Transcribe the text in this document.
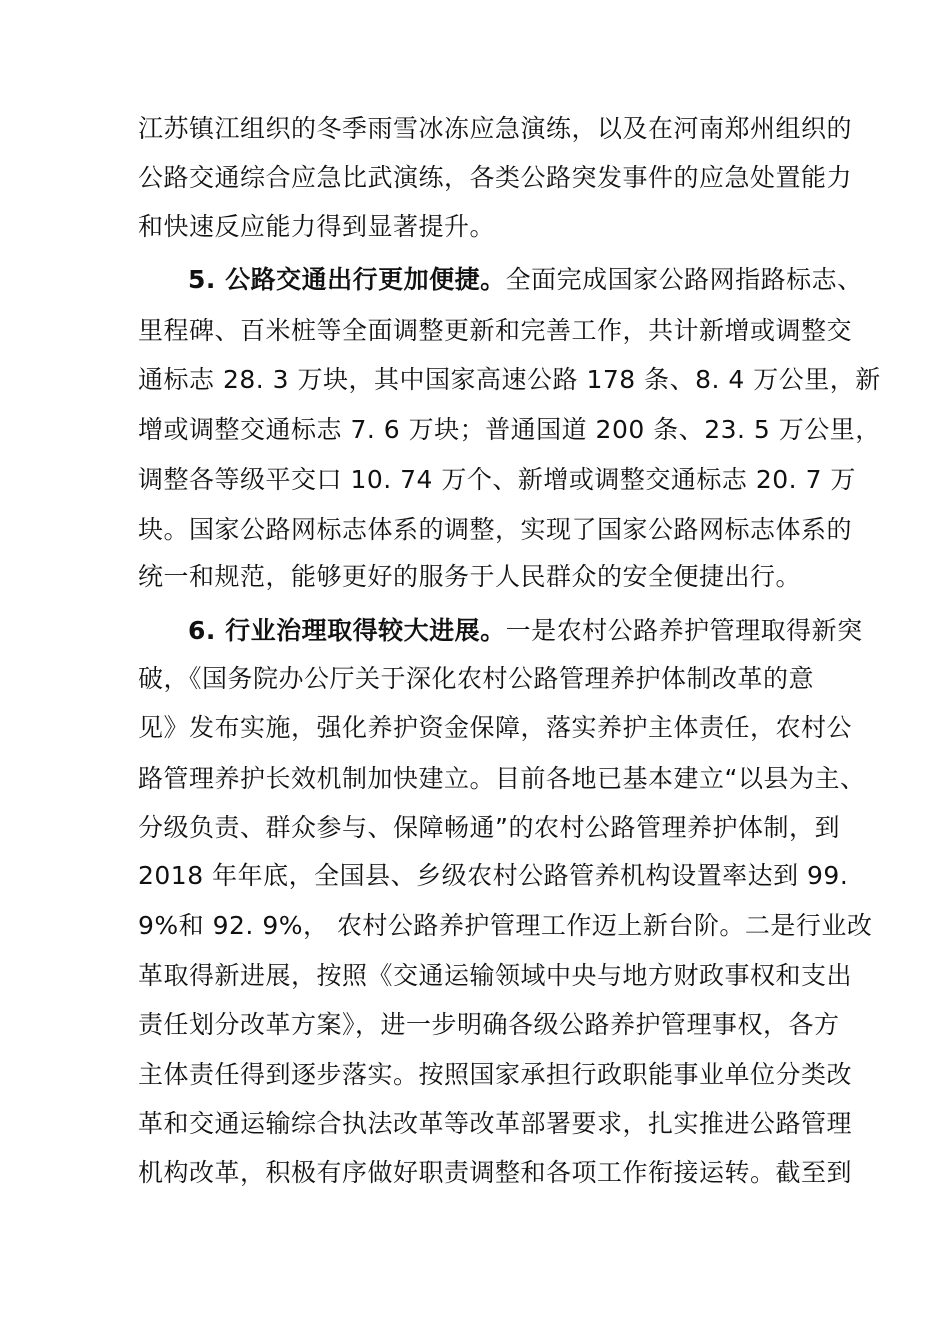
江苏镇江组织的冬季雨雪冰冻应急演练，以及在河南郑州组织的
公路交通综合应急比武演练，各类公路突发事件的应急处置能力
和快速反应能力得到显著提升。
5. 公路交通出行更加便捷。全面完成国家公路网指路标志、
里程碑、百米桩等全面调整更新和完善工作，共计新增或调整交
通标志 28. 3 万块，其中国家高速公路 178 条、8. 4 万公里，新
增或调整交通标志 7. 6 万块；普通国道 200 条、23. 5 万公里，
调整各等级平交口 10. 74 万个、新增或调整交通标志 20. 7 万
块。国家公路网标志体系的调整，实现了国家公路网标志体系的
统一和规范，能够更好的服务于人民群众的安全便捷出行。
6. 行业治理取得较大进展。一是农村公路养护管理取得新突
破，《国务院办公厅关于深化农村公路管理养护体制改革的意
见》发布实施，强化养护资金保障，落实养护主体责任，农村公
路管理养护长效机制加快建立。目前各地已基本建立“以县为主、
分级负责、群众参与、保障畅通”的农村公路管理养护体制，到
2018 年年底，全国县、乡级农村公路管养机构设置率达到 99.
9%和 92. 9%， 农村公路养护管理工作迈上新台阶。二是行业改
革取得新进展，按照《交通运输领域中央与地方财政事权和支出
责任划分改革方案》，进一步明确各级公路养护管理事权，各方
主体责任得到逐步落实。按照国家承担行政职能事业单位分类改
革和交通运输综合执法改革等改革部署要求，扎实推进公路管理
机构改革，积极有序做好职责调整和各项工作衔接运转。截至到
